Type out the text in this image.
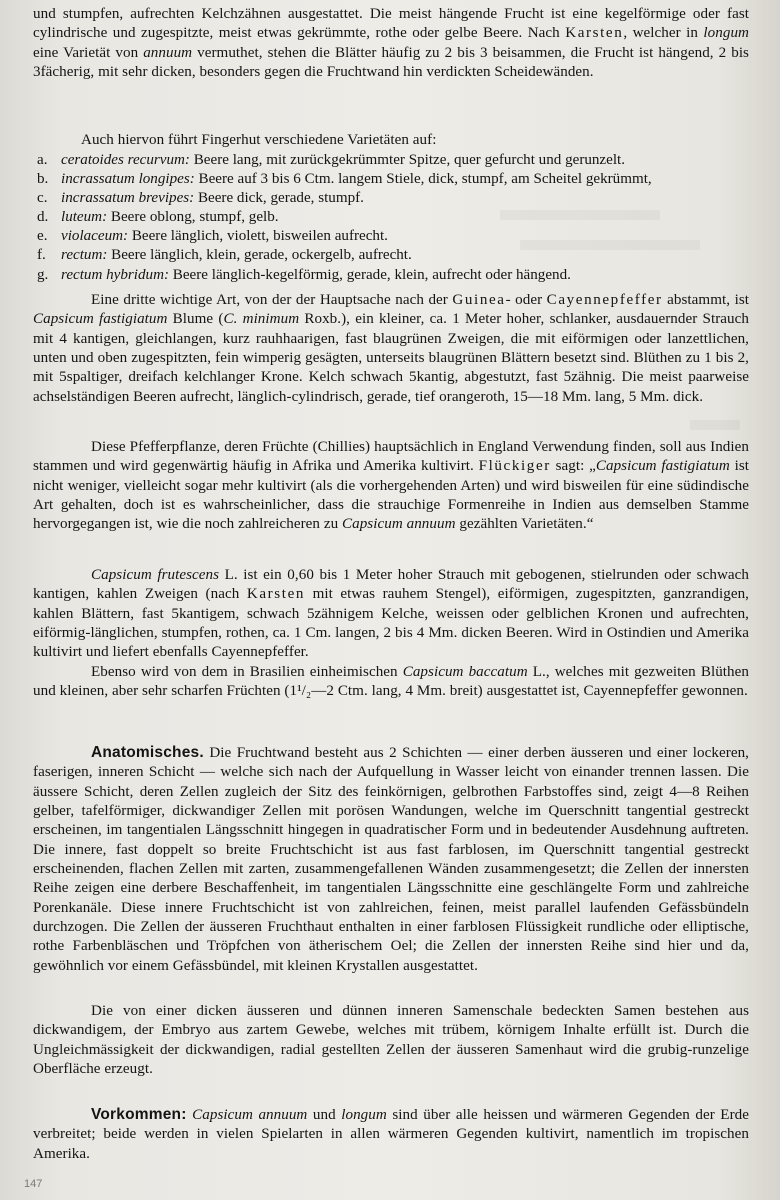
und stumpfen, aufrechten Kelchzähnen ausgestattet. Die meist hängende Frucht ist eine kegelförmige oder fast cylindrische und zugespitzte, meist etwas gekrümmte, rothe oder gelbe Beere. Nach Karsten, welcher in longum eine Varietät von annuum vermuthet, stehen die Blätter häufig zu 2 bis 3 beisammen, die Frucht ist hängend, 2 bis 3fächerig, mit sehr dicken, besonders gegen die Fruchtwand hin verdickten Scheidewänden.

Auch hiervon führt Fingerhut verschiedene Varietäten auf:

a. ceratoides recurvum: Beere lang, mit zurückgekrümmter Spitze, quer gefurcht und gerunzelt.
b. incrassatum longipes: Beere auf 3 bis 6 Ctm. langem Stiele, dick, stumpf, am Scheitel gekrümmt,
c. incrassatum brevipes: Beere dick, gerade, stumpf.
d. luteum: Beere oblong, stumpf, gelb.
e. violaceum: Beere länglich, violett, bisweilen aufrecht.
f. rectum: Beere länglich, klein, gerade, ockergelb, aufrecht.
g. rectum hybridum: Beere länglich-kegelförmig, gerade, klein, aufrecht oder hängend.

Eine dritte wichtige Art, von der der Hauptsache nach der Guinea- oder Cayennepfeffer abstammt, ist Capsicum fastigiatum Blume (C. minimum Roxb.), ein kleiner, ca. 1 Meter hoher, schlanker, ausdauernder Strauch mit 4 kantigen, gleichlangen, kurz rauhhaarigen, fast blaugrünen Zweigen, die mit eiförmigen oder lanzettlichen, unten und oben zugespitzten, fein wimperig gesägten, unterseits blaugrünen Blättern besetzt sind. Blüthen zu 1 bis 2, mit 5spaltiger, dreifach kelchlanger Krone. Kelch schwach 5kantig, abgestutzt, fast 5zähnig. Die meist paarweise achselständigen Beeren aufrecht, länglich-cylindrisch, gerade, tief orangeroth, 15—18 Mm. lang, 5 Mm. dick.

Diese Pfefferpflanze, deren Früchte (Chillies) hauptsächlich in England Verwendung finden, soll aus Indien stammen und wird gegenwärtig häufig in Afrika und Amerika kultivirt. Flückiger sagt: „Capsicum fastigiatum ist nicht weniger, vielleicht sogar mehr kultivirt (als die vorhergehenden Arten) und wird bisweilen für eine südindische Art gehalten, doch ist es wahrscheinlicher, dass die strauchige Formenreihe in Indien aus demselben Stamme hervorgegangen ist, wie die noch zahlreicheren zu Capsicum annuum gezählten Varietäten.“

Capsicum frutescens L. ist ein 0,60 bis 1 Meter hoher Strauch mit gebogenen, stielrunden oder schwach kantigen, kahlen Zweigen (nach Karsten mit etwas rauhem Stengel), eiförmigen, zugespitzten, ganzrandigen, kahlen Blättern, fast 5kantigem, schwach 5zähnigem Kelche, weissen oder gelblichen Kronen und aufrechten, eiförmig-länglichen, stumpfen, rothen, ca. 1 Cm. langen, 2 bis 4 Mm. dicken Beeren. Wird in Ostindien und Amerika kultivirt und liefert ebenfalls Cayennepfeffer.

Ebenso wird von dem in Brasilien einheimischen Capsicum baccatum L., welches mit gezweiten Blüthen und kleinen, aber sehr scharfen Früchten (1¹/₂—2 Ctm. lang, 4 Mm. breit) ausgestattet ist, Cayennepfeffer gewonnen.

Anatomisches. Die Fruchtwand besteht aus 2 Schichten — einer derben äusseren und einer lockeren, faserigen, inneren Schicht — welche sich nach der Aufquellung in Wasser leicht von einander trennen lassen. Die äussere Schicht, deren Zellen zugleich der Sitz des feinkörnigen, gelbrothen Farbstoffes sind, zeigt 4—8 Reihen gelber, tafelförmiger, dickwandiger Zellen mit porösen Wandungen, welche im Querschnitt tangential gestreckt erscheinen, im tangentialen Längsschnitt hingegen in quadratischer Form und in bedeutender Ausdehnung auftreten. Die innere, fast doppelt so breite Fruchtschicht ist aus fast farblosen, im Querschnitt tangential gestreckt erscheinenden, flachen Zellen mit zarten, zusammengefallenen Wänden zusammengesetzt; die Zellen der innersten Reihe zeigen eine derbere Beschaffenheit, im tangentialen Längsschnitte eine geschlängelte Form und zahlreiche Porenkanäle. Diese innere Fruchtschicht ist von zahlreichen, feinen, meist parallel laufenden Gefässbündeln durchzogen. Die Zellen der äusseren Fruchthaut enthalten in einer farblosen Flüssigkeit rundliche oder elliptische, rothe Farbenbläschen und Tröpfchen von ätherischem Oel; die Zellen der innersten Reihe sind hier und da, gewöhnlich vor einem Gefässbündel, mit kleinen Krystallen ausgestattet.

Die von einer dicken äusseren und dünnen inneren Samenschale bedeckten Samen bestehen aus dickwandigem, der Embryo aus zartem Gewebe, welches mit trübem, körnigem Inhalte erfüllt ist. Durch die Ungleichmässigkeit der dickwandigen, radial gestellten Zellen der äusseren Samenhaut wird die grubig-runzelige Oberfläche erzeugt.

Vorkommen: Capsicum annuum und longum sind über alle heissen und wärmeren Gegenden der Erde verbreitet; beide werden in vielen Spielarten in allen wärmeren Gegenden kultivirt, namentlich im tropischen Amerika.

147
